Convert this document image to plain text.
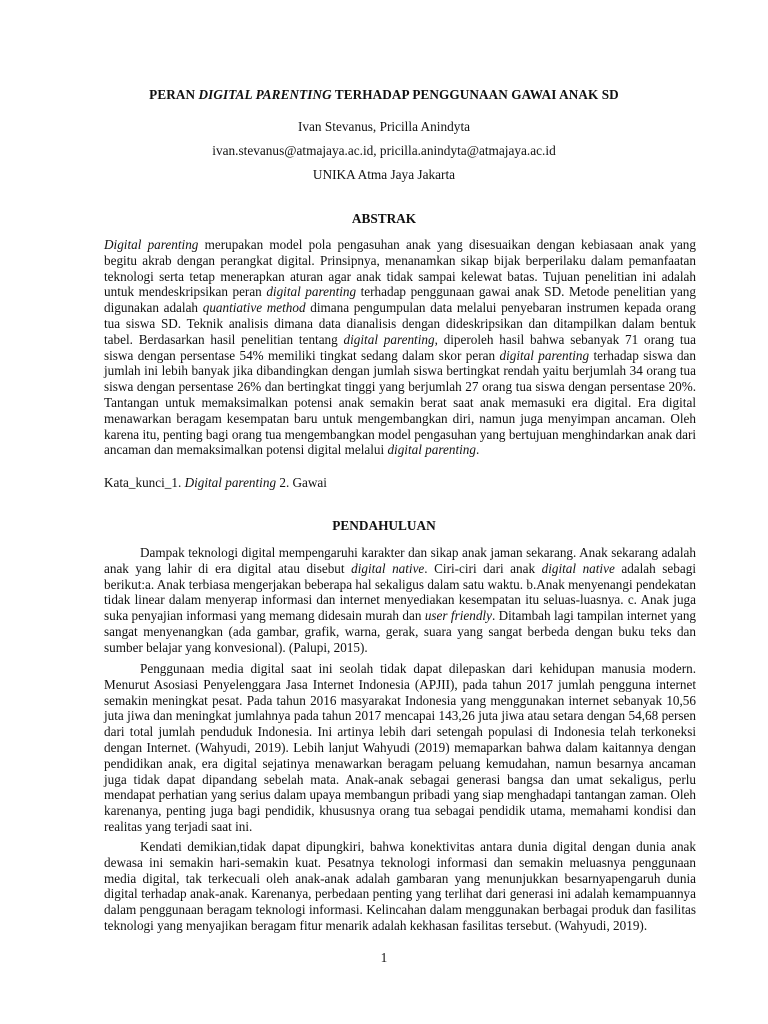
PERAN DIGITAL PARENTING TERHADAP PENGGUNAAN GAWAI ANAK SD
Ivan Stevanus, Pricilla Anindyta
ivan.stevanus@atmajaya.ac.id, pricilla.anindyta@atmajaya.ac.id
UNIKA Atma Jaya Jakarta
ABSTRAK

Digital parenting merupakan model pola pengasuhan anak yang disesuaikan dengan kebiasaan anak yang begitu akrab dengan perangkat digital. Prinsipnya, menanamkan sikap bijak berperilaku dalam pemanfaatan teknologi serta tetap menerapkan aturan agar anak tidak sampai kelewat batas. Tujuan penelitian ini adalah untuk mendeskripsikan peran digital parenting terhadap penggunaan gawai anak SD. Metode penelitian yang digunakan adalah quantiative method dimana pengumpulan data melalui penyebaran instrumen kepada orang tua siswa SD. Teknik analisis dimana data dianalisis dengan dideskripsikan dan ditampilkan dalam bentuk tabel. Berdasarkan hasil penelitian tentang digital parenting, diperoleh hasil bahwa sebanyak 71 orang tua siswa dengan persentase 54% memiliki tingkat sedang dalam skor peran digital parenting terhadap siswa dan jumlah ini lebih banyak jika dibandingkan dengan jumlah siswa bertingkat rendah yaitu berjumlah 34 orang tua siswa dengan persentase 26% dan bertingkat tinggi yang berjumlah 27 orang tua siswa dengan persentase 20%. Tantangan untuk memaksimalkan potensi anak semakin berat saat anak memasuki era digital. Era digital menawarkan beragam kesempatan baru untuk mengembangkan diri, namun juga menyimpan ancaman. Oleh karena itu, penting bagi orang tua mengembangkan model pengasuhan yang bertujuan menghindarkan anak dari ancaman dan memaksimalkan potensi digital melalui digital parenting.

Kata_kunci_1. Digital parenting 2. Gawai

PENDAHULUAN

Dampak teknologi digital mempengaruhi karakter dan sikap anak jaman sekarang. Anak sekarang adalah anak yang lahir di era digital atau disebut digital native. Ciri-ciri dari anak digital native adalah sebagi berikut:a. Anak terbiasa mengerjakan beberapa hal sekaligus dalam satu waktu. b.Anak menyenangi pendekatan tidak linear dalam menyerap informasi dan internet menyediakan kesempatan itu seluas-luasnya. c. Anak juga suka penyajian informasi yang memang didesain murah dan user friendly. Ditambah lagi tampilan internet yang sangat menyenangkan (ada gambar, grafik, warna, gerak, suara yang sangat berbeda dengan buku teks dan sumber belajar yang konvesional). (Palupi, 2015).

Penggunaan media digital saat ini seolah tidak dapat dilepaskan dari kehidupan manusia modern. Menurut Asosiasi Penyelenggara Jasa Internet Indonesia (APJII), pada tahun 2017 jumlah pengguna internet semakin meningkat pesat. Pada tahun 2016 masyarakat Indonesia yang menggunakan internet sebanyak 10,56 juta jiwa dan meningkat jumlahnya pada tahun 2017 mencapai 143,26 juta jiwa atau setara dengan 54,68 persen dari total jumlah penduduk Indonesia. Ini artinya lebih dari setengah populasi di Indonesia telah terkoneksi dengan Internet. (Wahyudi, 2019). Lebih lanjut Wahyudi (2019) memaparkan bahwa dalam kaitannya dengan pendidikan anak, era digital sejatinya menawarkan beragam peluang kemudahan, namun besarnya ancaman juga tidak dapat dipandang sebelah mata. Anak-anak sebagai generasi bangsa dan umat sekaligus, perlu mendapat perhatian yang serius dalam upaya membangun pribadi yang siap menghadapi tantangan zaman. Oleh karenanya, penting juga bagi pendidik, khususnya orang tua sebagai pendidik utama, memahami kondisi dan realitas yang terjadi saat ini.

Kendati demikian,tidak dapat dipungkiri, bahwa konektivitas antara dunia digital dengan dunia anak dewasa ini semakin hari-semakin kuat. Pesatnya teknologi informasi dan semakin meluasnya penggunaan media digital, tak terkecuali oleh anak-anak adalah gambaran yang menunjukkan besarnyapengaruh dunia digital terhadap anak-anak. Karenanya, perbedaan penting yang terlihat dari generasi ini adalah kemampuannya dalam penggunaan beragam teknologi informasi. Kelincahan dalam menggunakan berbagai produk dan fasilitas teknologi yang menyajikan beragam fitur menarik adalah kekhasan fasilitas tersebut. (Wahyudi, 2019).

1
